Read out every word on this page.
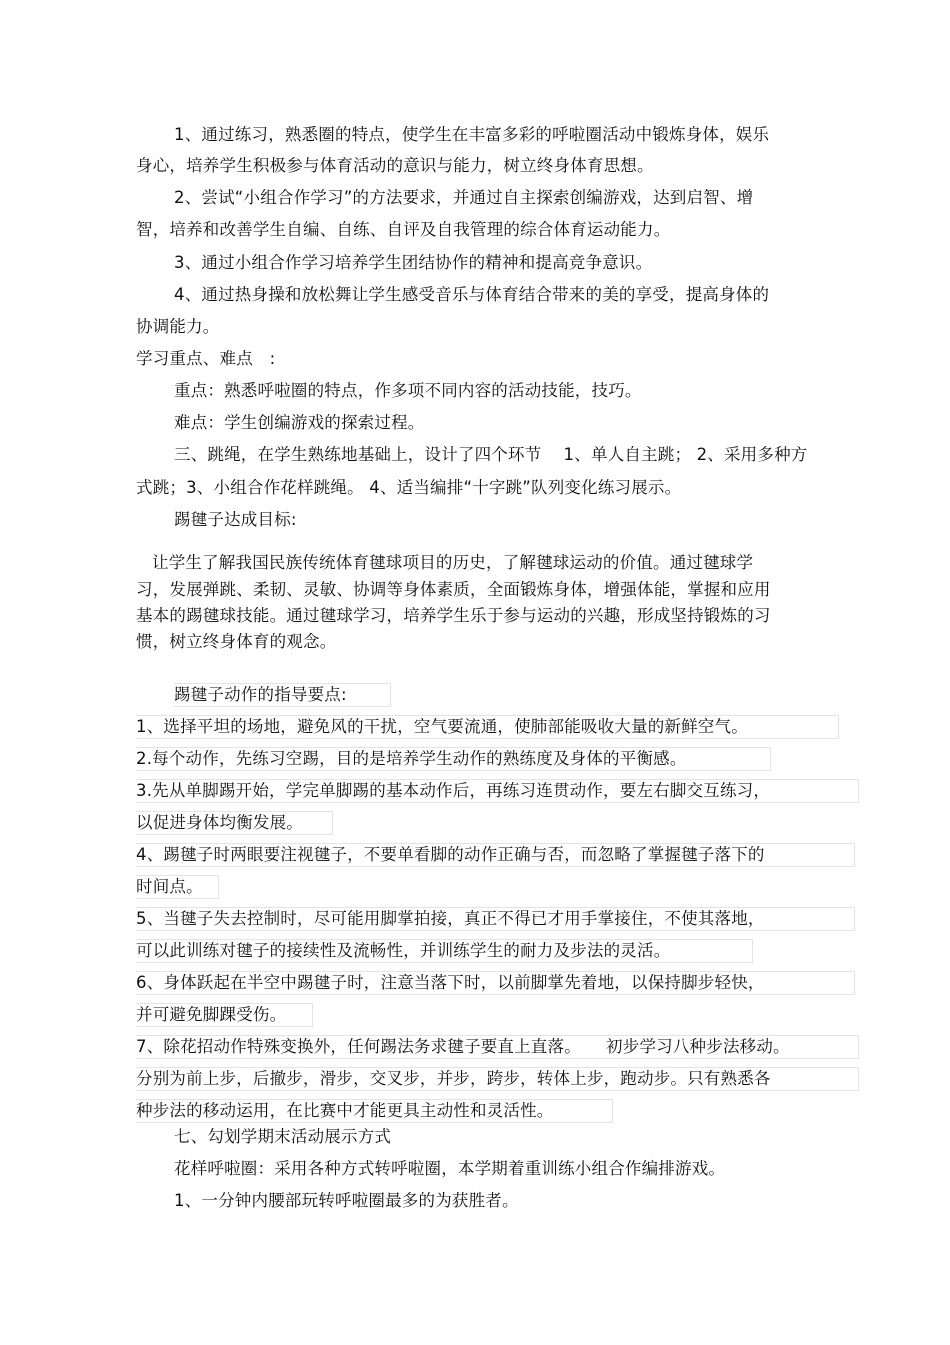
1、通过练习，熟悉圈的特点，使学生在丰富多彩的呼啦圈活动中锻炼身体，娱乐
身心，培养学生积极参与体育活动的意识与能力，树立终身体育思想。
2、尝试“小组合作学习”的方法要求，并通过自主探索创编游戏，达到启智、增
智，培养和改善学生自编、自练、自评及自我管理的综合体育运动能力。
3、通过小组合作学习培养学生团结协作的精神和提高竞争意识。
4、通过热身操和放松舞让学生感受音乐与体育结合带来的美的享受，提高身体的
协调能力。
学习重点、难点　:
重点：熟悉呼啦圈的特点，作多项不同内容的活动技能，技巧。
难点：学生创编游戏的探索过程。
三、跳绳，在学生熟练地基础上，设计了四个环节　 1、单人自主跳； 2、采用多种方
式跳；3、小组合作花样跳绳。 4、适当编排“十字跳”队列变化练习展示。
踢毽子达成目标:
让学生了解我国民族传统体育毽球项目的历史，了解毽球运动的价值。通过毽球学
习，发展弹跳、柔韧、灵敏、协调等身体素质，全面锻炼身体，增强体能，掌握和应用
基本的踢毽球技能。通过毽球学习，培养学生乐于参与运动的兴趣，形成坚持锻炼的习
惯，树立终身体育的观念。
踢毽子动作的指导要点:
1、选择平坦的场地，避免风的干扰，空气要流通，使肺部能吸收大量的新鲜空气。
2.每个动作，先练习空踢，目的是培养学生动作的熟练度及身体的平衡感。
3.先从单脚踢开始，学完单脚踢的基本动作后，再练习连贯动作，要左右脚交互练习，
以促进身体均衡发展。
4、踢毽子时两眼要注视毽子，不要单看脚的动作正确与否，而忽略了掌握毽子落下的
时间点。
5、当毽子失去控制时，尽可能用脚掌拍接，真正不得已才用手掌接住，不使其落地，
可以此训练对毽子的接续性及流畅性，并训练学生的耐力及步法的灵活。
6、身体跃起在半空中踢毽子时，注意当落下时，以前脚掌先着地，以保持脚步轻快，
并可避免脚踝受伤。
7、除花招动作特殊变换外，任何踢法务求毽子要直上直落。　　初步学习八种步法移动。
分别为前上步，后撤步，滑步，交叉步，并步，跨步，转体上步，跑动步。只有熟悉各
种步法的移动运用，在比赛中才能更具主动性和灵活性。
七、勾划学期末活动展示方式
花样呼啦圈：采用各种方式转呼啦圈，本学期着重训练小组合作编排游戏。
1、一分钟内腰部玩转呼啦圈最多的为获胜者。
